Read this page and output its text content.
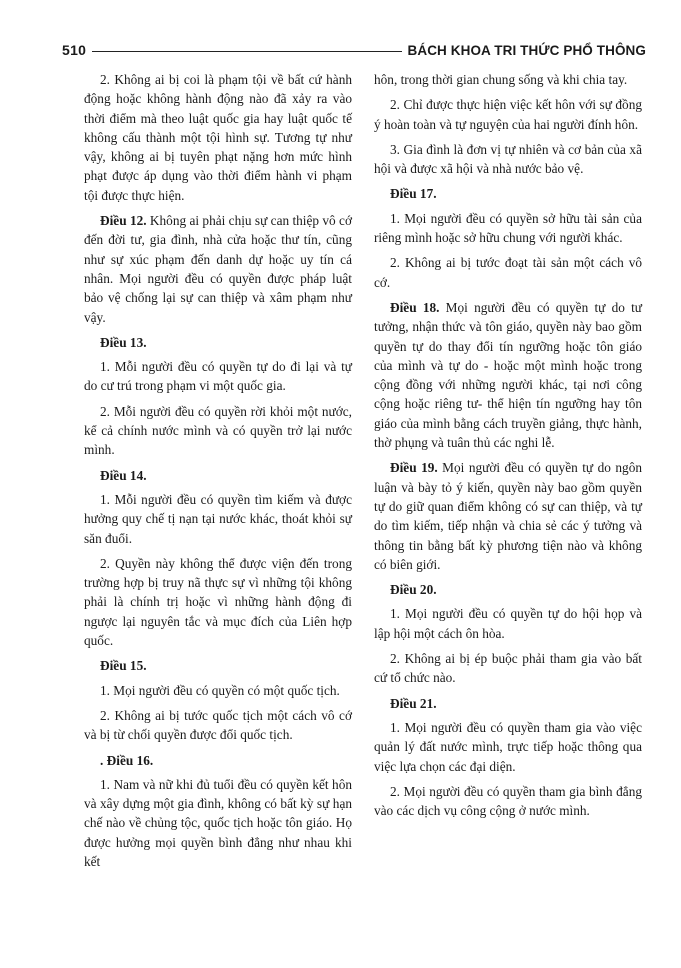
510	BÁCH KHOA TRI THỨC PHỔ THÔNG

2. Không ai bị coi là phạm tội về bất cứ hành động hoặc không hành động nào đã xảy ra vào thời điểm mà theo luật quốc gia hay luật quốc tế không cấu thành một tội hình sự. Tương tự như vậy, không ai bị tuyên phạt nặng hơn mức hình phạt được áp dụng vào thời điểm hành vi phạm tội được thực hiện.

Điều 12. Không ai phải chịu sự can thiệp vô cớ đến đời tư, gia đình, nhà cửa hoặc thư tín, cũng như sự xúc phạm đến danh dự hoặc uy tín cá nhân. Mọi người đều có quyền được pháp luật bảo vệ chống lại sự can thiệp và xâm phạm như vậy.

Điều 13.

1. Mỗi người đều có quyền tự do đi lại và tự do cư trú trong phạm vi một quốc gia.

2. Mỗi người đều có quyền rời khỏi một nước, kể cả chính nước mình và có quyền trở lại nước mình.

Điều 14.

1. Mỗi người đều có quyền tìm kiếm và được hưởng quy chế tị nạn tại nước khác, thoát khỏi sự săn đuổi.

2. Quyền này không thể được viện đến trong trường hợp bị truy nã thực sự vì những tội không phải là chính trị hoặc vì những hành động đi ngược lại nguyên tắc và mục đích của Liên hợp quốc.

Điều 15.

1. Mọi người đều có quyền có một quốc tịch.

2. Không ai bị tước quốc tịch một cách vô cớ và bị từ chối quyền được đổi quốc tịch.

. Điều 16.

1. Nam và nữ khi đủ tuổi đều có quyền kết hôn và xây dựng một gia đình, không có bất kỳ sự hạn chế nào về chủng tộc, quốc tịch hoặc tôn giáo. Họ được hưởng mọi quyền bình đẳng như nhau khi kết

hôn, trong thời gian chung sống và khi chia tay.

2. Chỉ được thực hiện việc kết hôn với sự đồng ý hoàn toàn và tự nguyện của hai người đính hôn.

3. Gia đình là đơn vị tự nhiên và cơ bản của xã hội và được xã hội và nhà nước bảo vệ.

Điều 17.

1. Mọi người đều có quyền sở hữu tài sản của riêng mình hoặc sở hữu chung với người khác.

2. Không ai bị tước đoạt tài sản một cách vô cớ.

Điều 18. Mọi người đều có quyền tự do tư tưởng, nhận thức và tôn giáo, quyền này bao gồm quyền tự do thay đổi tín ngưỡng hoặc tôn giáo của mình và tự do - hoặc một mình hoặc trong cộng đồng với những người khác, tại nơi công cộng hoặc riêng tư- thể hiện tín ngưỡng hay tôn giáo của mình bằng cách truyền giảng, thực hành, thờ phụng và tuân thủ các nghi lễ.

Điều 19. Mọi người đều có quyền tự do ngôn luận và bày tỏ ý kiến, quyền này bao gồm quyền tự do giữ quan điểm không có sự can thiệp, và tự do tìm kiếm, tiếp nhận và chia sẻ các ý tưởng và thông tin bằng bất kỳ phương tiện nào và không có biên giới.

Điều 20.

1. Mọi người đều có quyền tự do hội họp và lập hội một cách ôn hòa.

2. Không ai bị ép buộc phải tham gia vào bất cứ tổ chức nào.

Điều 21.

1. Mọi người đều có quyền tham gia vào việc quản lý đất nước mình, trực tiếp hoặc thông qua việc lựa chọn các đại diện.

2. Mọi người đều có quyền tham gia bình đẳng vào các dịch vụ công cộng ở nước mình.
